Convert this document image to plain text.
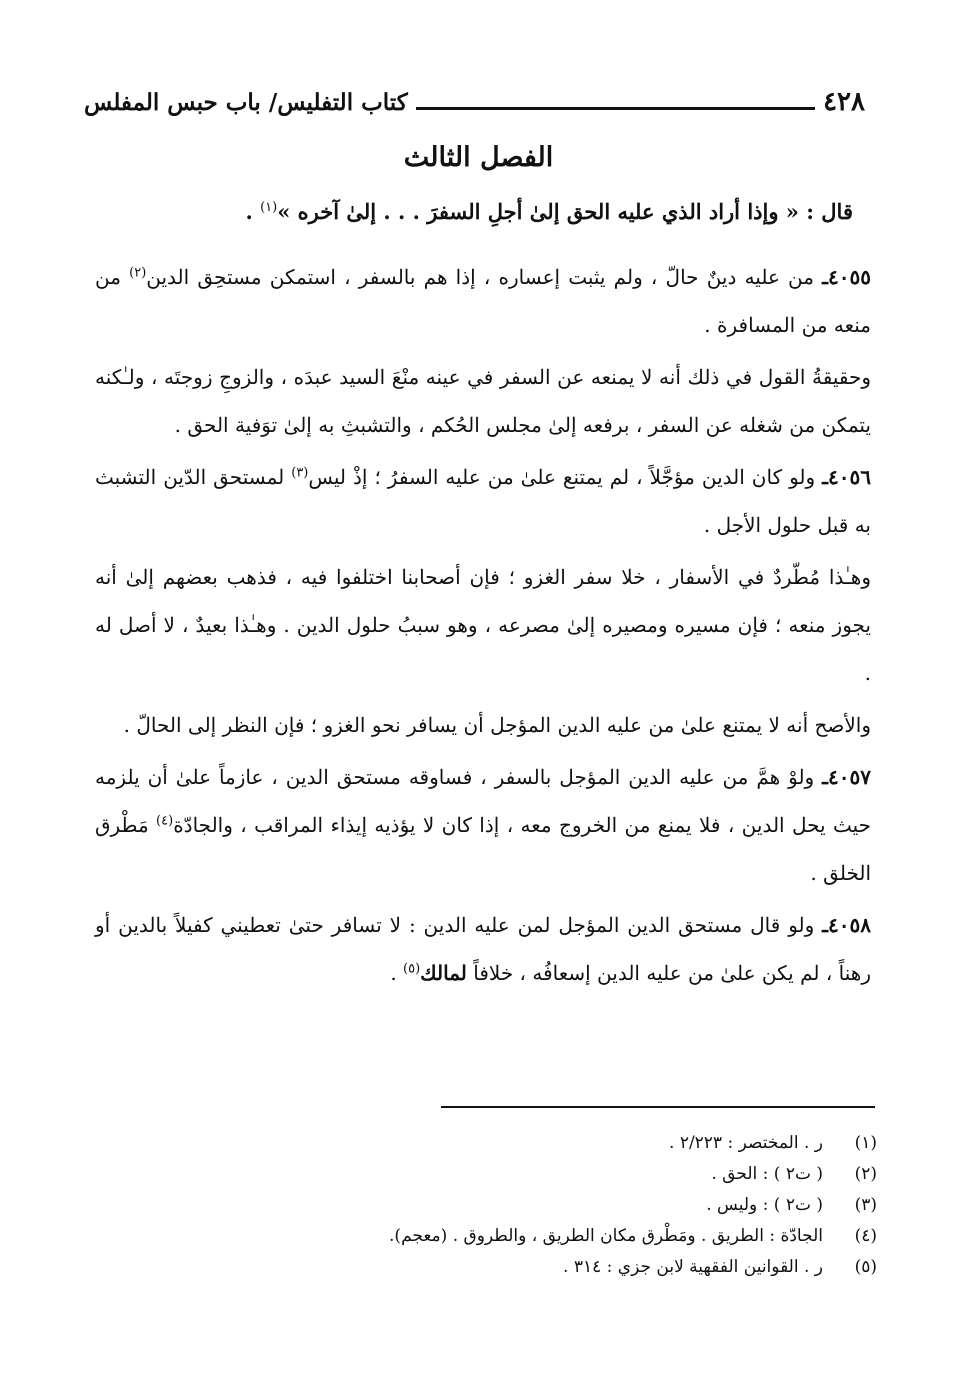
٤٢٨
كتاب التفليس/ باب حبس المفلس
الفصل الثالث
قال : « وإذا أراد الذي عليه الحق إلىٰ أجلِ السفرَ . . . إلىٰ آخره »$^{(١)}$ .

٤٠٥٥ـ من عليه دينٌ حالّ ، ولم يثبت إعساره ، إذا هم بالسفر ، استمكن مستحِق الدين$^{(٢)}$ من منعه من المسافرة .

وحقيقةُ القول في ذلك أنه لا يمنعه عن السفر في عينه منْعَ السيد عبدَه ، والزوجِ زوجتَه ، ولـٰكنه يتمكن من شغله عن السفر ، برفعه إلىٰ مجلس الحُكم ، والتشبثِ به إلىٰ توَفية الحق .

٤٠٥٦ـ ولو كان الدين مؤجَّلاً ، لم يمتنع علىٰ من عليه السفرُ ؛ إذْ ليس$^{(٣)}$ لمستحق الدّين التشبث به قبل حلول الأجل .

وهـٰذا مُطّردٌ في الأسفار ، خلا سفر الغزو ؛ فإن أصحابنا اختلفوا فيه ، فذهب بعضهم إلىٰ أنه يجوز منعه ؛ فإن مسيره ومصيره إلىٰ مصرعه ، وهو سببُ حلول الدين . وهـٰذا بعيدٌ ، لا أصل له .

والأصح أنه لا يمتنع علىٰ من عليه الدين المؤجل أن يسافر نحو الغزو ؛ فإن النظر إلى الحالّ .

٤٠٥٧ـ ولوْ همَّ من عليه الدين المؤجل بالسفر ، فساوقه مستحق الدين ، عازماً علىٰ أن يلزمه حيث يحل الدين ، فلا يمنع من الخروج معه ، إذا كان لا يؤذيه إيذاء المراقب ، والجادّة$^{(٤)}$ مَطْرق الخلق .

٤٠٥٨ـ ولو قال مستحق الدين المؤجل لمن عليه الدين : لا تسافر حتىٰ تعطيني كفيلاً بالدين أو رهناً ، لم يكن علىٰ من عليه الدين إسعافُه ، خلافاً لمالك$^{(٥)}$ .

(١)
ر . المختصر : ٢/٢٢٣ .
(٢)
( ت٢ ) : الحق .
(٣)
( ت٢ ) : وليس .
(٤)
الجادّة : الطريق . ومَطْرق مكان الطريق ، والطروق . (معجم).
(٥)
ر . القوانين الفقهية لابن جزي : ٣١٤ .
